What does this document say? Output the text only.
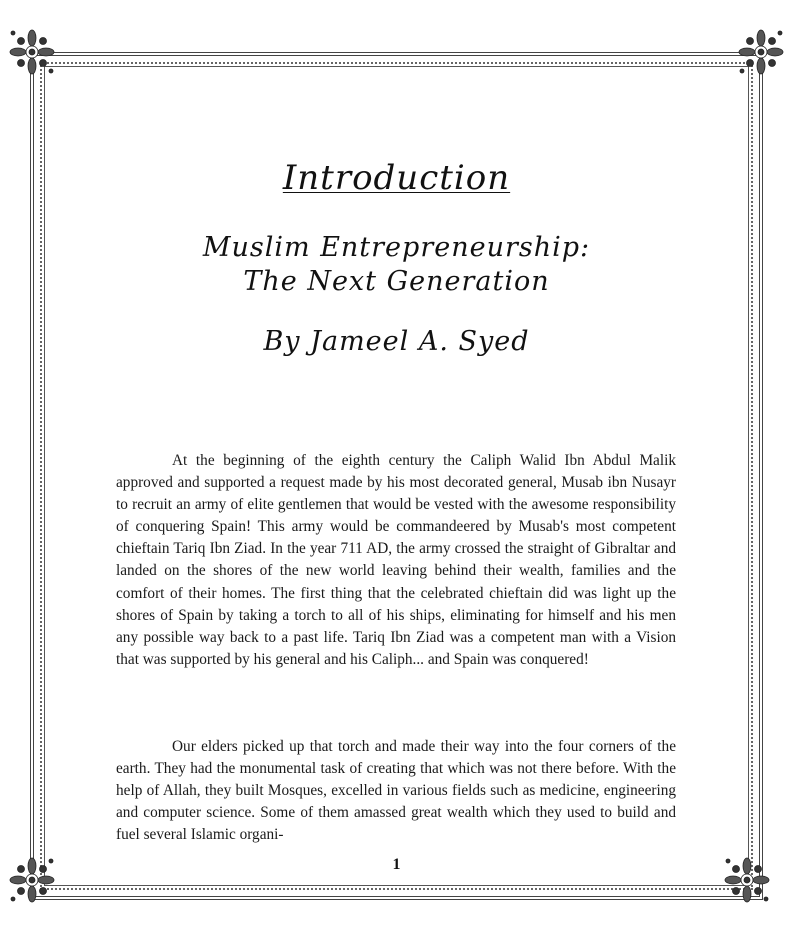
Introduction
Muslim Entrepreneurship:
The Next Generation
By Jameel A. Syed

At the beginning of the eighth century the Caliph Walid Ibn Abdul Malik approved and supported a request made by his most decorated general, Musab ibn Nusayr to recruit an army of elite gentlemen that would be vested with the awesome responsibility of conquering Spain! This army would be commandeered by Musab's most competent chieftain Tariq Ibn Ziad. In the year 711 AD, the army crossed the straight of Gibraltar and landed on the shores of the new world leaving behind their wealth, families and the comfort of their homes. The first thing that the celebrated chieftain did was light up the shores of Spain by taking a torch to all of his ships, eliminating for himself and his men any possible way back to a past life. Tariq Ibn Ziad was a competent man with a Vision that was supported by his general and his Caliph... and Spain was conquered!

Our elders picked up that torch and made their way into the four corners of the earth. They had the monumental task of creating that which was not there before. With the help of Allah, they built Mosques, excelled in various fields such as medicine, engineering and computer science. Some of them amassed great wealth which they used to build and fuel several Islamic organi-

1
